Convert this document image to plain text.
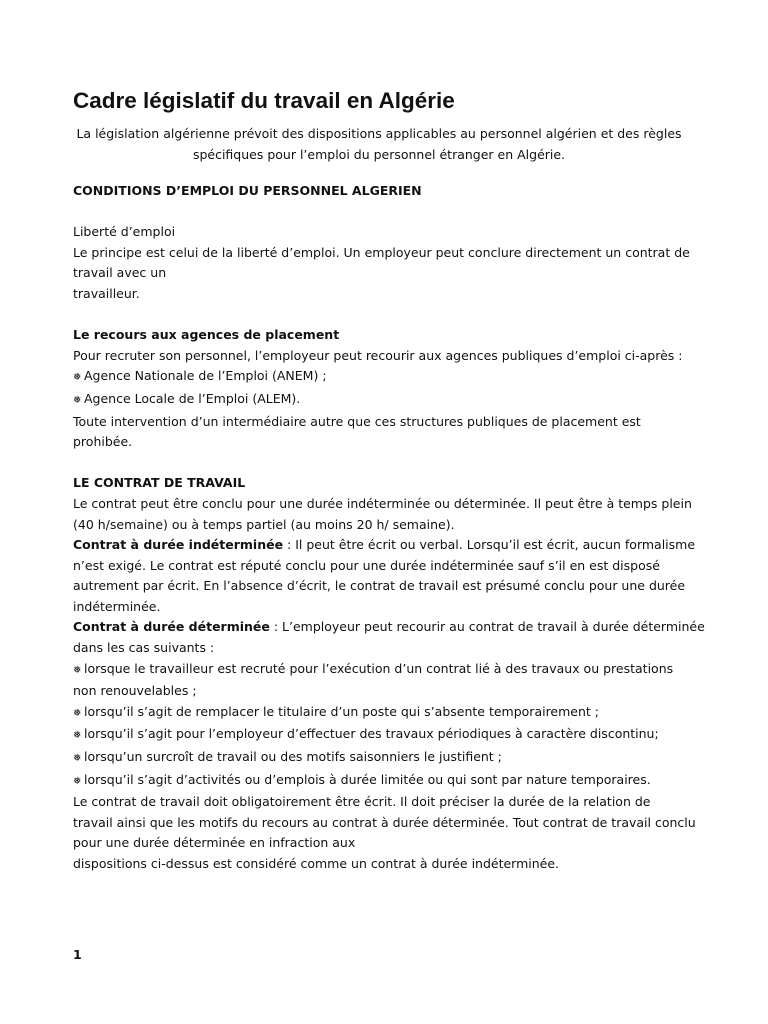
Cadre législatif du travail en Algérie
La législation algérienne prévoit des dispositions applicables au personnel algérien et des règles
spécifiques pour l’emploi du personnel étranger en Algérie.
CONDITIONS D’EMPLOI DU PERSONNEL ALGERIEN
Liberté d’emploi
Le principe est celui de la liberté d’emploi. Un employeur peut conclure directement un contrat de
travail avec un
travailleur.
Le recours aux agences de placement
Pour recruter son personnel, l’employeur peut recourir aux agences publiques d’emploi ci-après :
❅ Agence Nationale de l’Emploi (ANEM) ;
❅ Agence Locale de l’Emploi (ALEM).
Toute intervention d’un intermédiaire autre que ces structures publiques de placement est
prohibée.
LE CONTRAT DE TRAVAIL
Le contrat peut être conclu pour une durée indéterminée ou déterminée. Il peut être à temps plein
(40 h/semaine) ou à temps partiel (au moins 20 h/ semaine).
Contrat à durée indéterminée : Il peut être écrit ou verbal. Lorsqu’il est écrit, aucun formalisme
n’est exigé. Le contrat est réputé conclu pour une durée indéterminée sauf s’il en est disposé
autrement par écrit. En l’absence d’écrit, le contrat de travail est présumé conclu pour une durée
indéterminée.
Contrat à durée déterminée : L’employeur peut recourir au contrat de travail à durée déterminée
dans les cas suivants :
❅ lorsque le travailleur est recruté pour l’exécution d’un contrat lié à des travaux ou prestations
non renouvelables ;
❅ lorsqu’il s’agit de remplacer le titulaire d’un poste qui s’absente temporairement ;
❅ lorsqu’il s’agit pour l’employeur d’effectuer des travaux périodiques à caractère discontinu;
❅ lorsqu’un surcroît de travail ou des motifs saisonniers le justifient ;
❅ lorsqu’il s’agit d’activités ou d’emplois à durée limitée ou qui sont par nature temporaires.
Le contrat de travail doit obligatoirement être écrit. Il doit préciser la durée de la relation de
travail ainsi que les motifs du recours au contrat à durée déterminée. Tout contrat de travail conclu
pour une durée déterminée en infraction aux
dispositions ci-dessus est considéré comme un contrat à durée indéterminée.
1
